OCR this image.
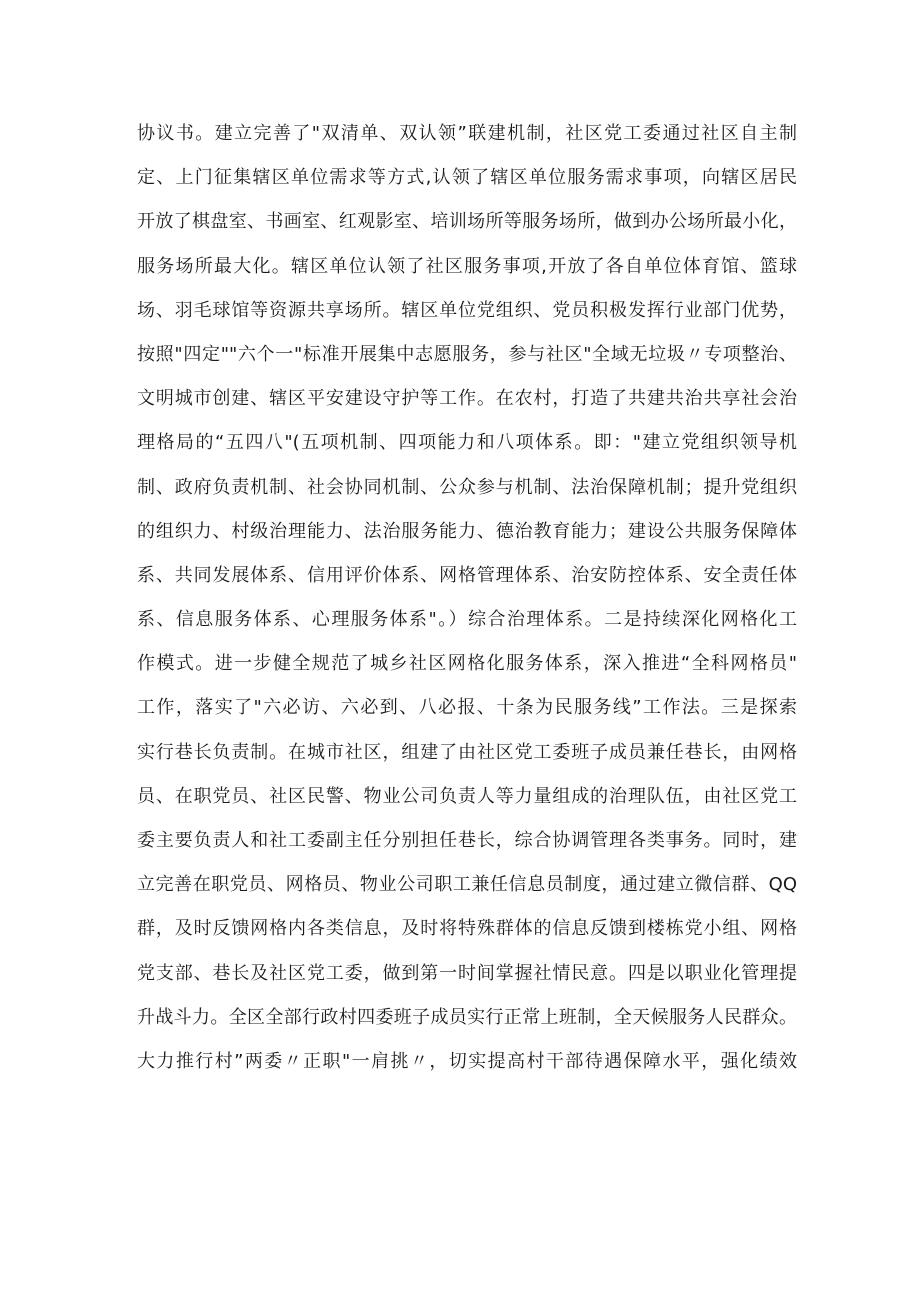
协议书。建立完善了"双清单、双认领”联建机制，社区党工委通过社区自主制
定、上门征集辖区单位需求等方式,认领了辖区单位服务需求事项，向辖区居民
开放了棋盘室、书画室、红观影室、培训场所等服务场所，做到办公场所最小化，
服务场所最大化。辖区单位认领了社区服务事项,开放了各自单位体育馆、篮球
场、羽毛球馆等资源共享场所。辖区单位党组织、党员积极发挥行业部门优势，
按照"四定""六个一"标准开展集中志愿服务，参与社区"全域无垃圾〃专项整治、
文明城市创建、辖区平安建设守护等工作。在农村，打造了共建共治共享社会治
理格局的“五四八"(五项机制、四项能力和八项体系。即："建立党组织领导机
制、政府负责机制、社会协同机制、公众参与机制、法治保障机制；提升党组织
的组织力、村级治理能力、法治服务能力、德治教育能力；建设公共服务保障体
系、共同发展体系、信用评价体系、网格管理体系、治安防控体系、安全责任体
系、信息服务体系、心理服务体系"。）综合治理体系。二是持续深化网格化工
作模式。进一步健全规范了城乡社区网格化服务体系，深入推进“全科网格员"
工作，落实了"六必访、六必到、八必报、十条为民服务线”工作法。三是探索
实行巷长负责制。在城市社区，组建了由社区党工委班子成员兼任巷长，由网格
员、在职党员、社区民警、物业公司负责人等力量组成的治理队伍，由社区党工
委主要负责人和社工委副主任分别担任巷长，综合协调管理各类事务。同时，建
立完善在职党员、网格员、物业公司职工兼任信息员制度，通过建立微信群、QQ
群，及时反馈网格内各类信息，及时将特殊群体的信息反馈到楼栋党小组、网格
党支部、巷长及社区党工委，做到第一时间掌握社情民意。四是以职业化管理提
升战斗力。全区全部行政村四委班子成员实行正常上班制，全天候服务人民群众。
大力推行村”两委〃正职"一肩挑〃，切实提高村干部待遇保障水平，强化绩效
